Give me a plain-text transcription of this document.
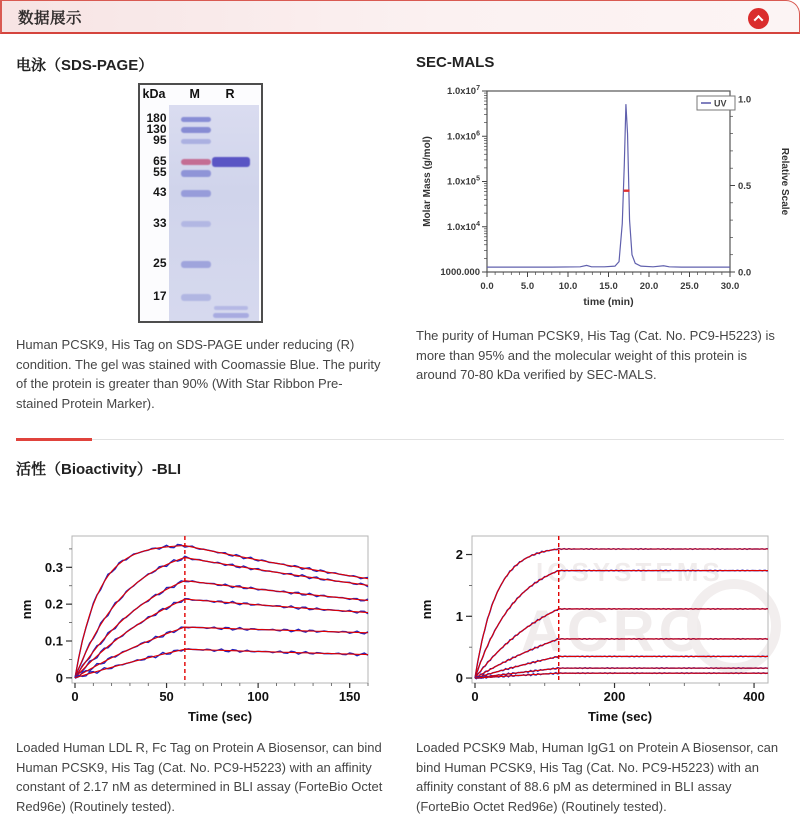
数据展示
电泳（SDS-PAGE）
kDa M R
180
130
95
65
55
43
33
25
17

Human PCSK9, His Tag on SDS-PAGE under reducing (R) condition. The gel was stained with Coomassie Blue. The purity of the protein is greater than 90% (With Star Ribbon Pre-stained Protein Marker).

SEC-MALS
$1.0x10^7$
$1.0x10^6$
$1.0x10^5$
$1.0x10^4$
1000.000
1.0
0.5
0.0
0.0	5.0	10.0 15.0 20.0 25.0 30.0
time (min)
Molar Mass (g/mol)	Relative Scale
UV

The purity of Human PCSK9, His Tag (Cat. No. PC9-H5223) is more than 95% and the molecular weight of this protein is around 70-80 kDa verified by SEC-MALS.

活性（Bioactivity）-BLI
0	50	100	150
0
0.1
0.2
0.3
Time (sec)
nm

Loaded Human LDL R, Fc Tag on Protein A Biosensor, can bind Human PCSK9, His Tag (Cat. No. PC9-H5223) with an affinity constant of 2.17 nM as determined in BLI assay (ForteBio Octet Red96e) (Routinely tested).

IOSYSTEMS
ACRO
0	200	400
0
1
2
Time (sec)
nm

Loaded PCSK9 Mab, Human IgG1 on Protein A Biosensor, can bind Human PCSK9, His Tag (Cat. No. PC9-H5223) with an affinity constant of 88.6 pM as determined in BLI assay (ForteBio Octet Red96e) (Routinely tested).
